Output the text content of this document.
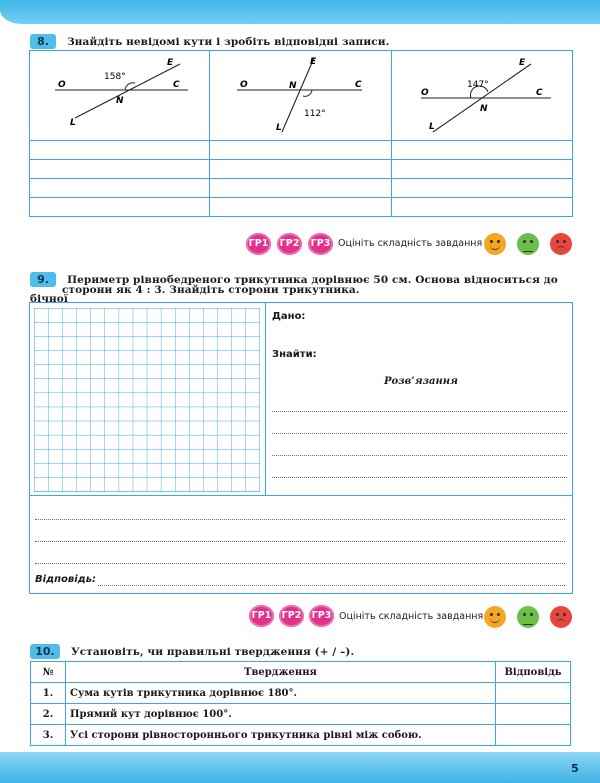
8. Знайдіть невідомі кути і зробіть відповідні записи.

158°
O	C
E
N
L
112°
O	C
E
N
L
147°
O	C
E
N
L
ГР1 ГР2 ГР3 Оцініть складність завдання
9. Периметр рівнобедреного трикутника дорівнює 50 см. Основа відноситься до бічної
сторони як 4 : 3. Знайдіть сторони трикутника.
Дано:
Знайти:
Розв’язання
Відповідь:
ГР1 ГР2 ГР3 Оцініть складність завдання
10. Установіть, чи правильні твердження (+ / –).
№	Твердження	Відповідь
1.	Сума кутів трикутника дорівнює 180°.	
2.	Прямий кут дорівнює 100°.	
3.	Усі сторони рівностороннього трикутника рівні між собою.	
5
